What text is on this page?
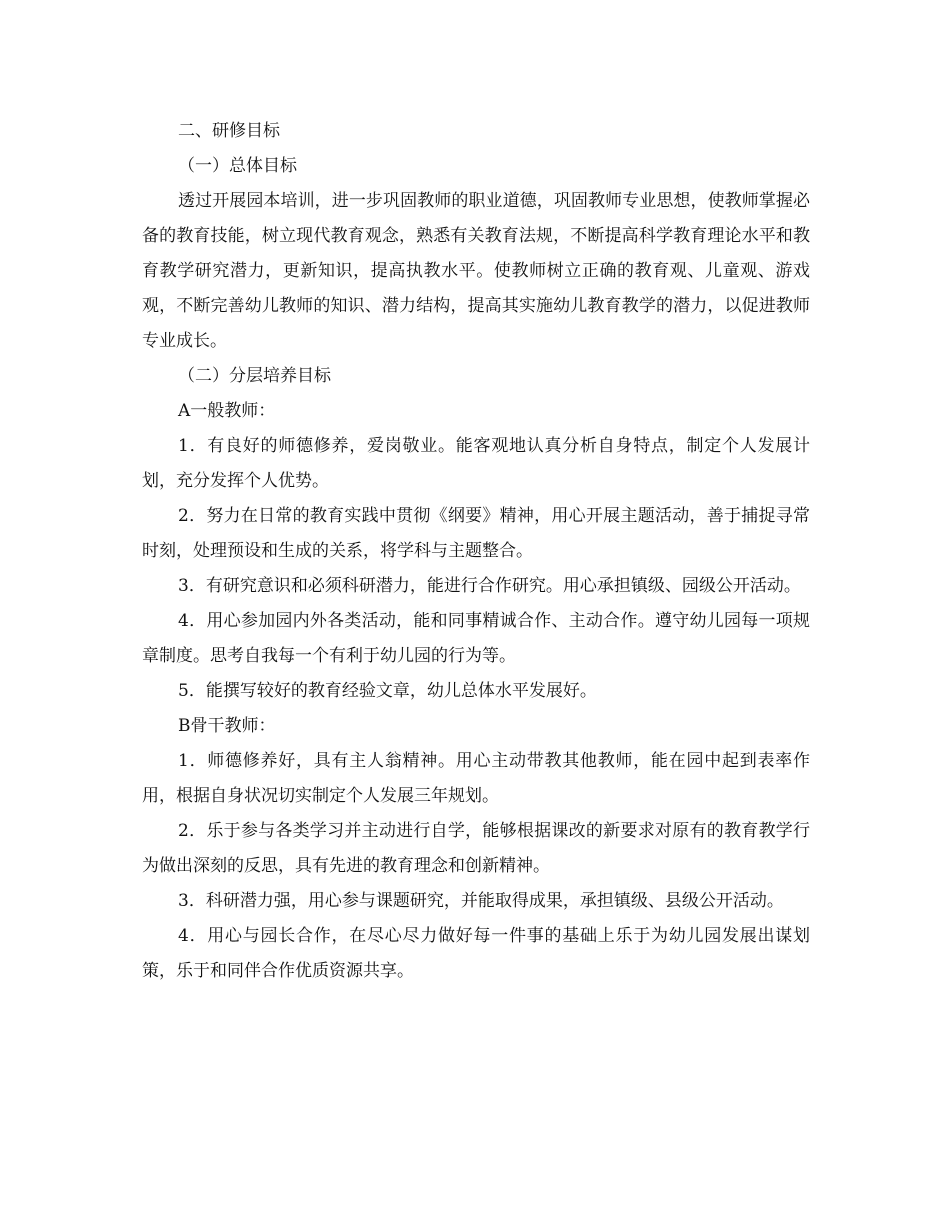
二、研修目标

（一）总体目标

透过开展园本培训，进一步巩固教师的职业道德，巩固教师专业思想，使教师掌握必备的教育技能，树立现代教育观念，熟悉有关教育法规，不断提高科学教育理论水平和教育教学研究潜力，更新知识，提高执教水平。使教师树立正确的教育观、儿童观、游戏观，不断完善幼儿教师的知识、潜力结构，提高其实施幼儿教育教学的潜力，以促进教师专业成长。

（二）分层培养目标

A一般教师：

1．有良好的师德修养，爱岗敬业。能客观地认真分析自身特点，制定个人发展计划，充分发挥个人优势。

2．努力在日常的教育实践中贯彻《纲要》精神，用心开展主题活动，善于捕捉寻常时刻，处理预设和生成的关系，将学科与主题整合。

3．有研究意识和必须科研潜力，能进行合作研究。用心承担镇级、园级公开活动。

4．用心参加园内外各类活动，能和同事精诚合作、主动合作。遵守幼儿园每一项规章制度。思考自我每一个有利于幼儿园的行为等。

5．能撰写较好的教育经验文章，幼儿总体水平发展好。

B骨干教师：

1．师德修养好，具有主人翁精神。用心主动带教其他教师，能在园中起到表率作用，根据自身状况切实制定个人发展三年规划。

2．乐于参与各类学习并主动进行自学，能够根据课改的新要求对原有的教育教学行为做出深刻的反思，具有先进的教育理念和创新精神。

3．科研潜力强，用心参与课题研究，并能取得成果，承担镇级、县级公开活动。

4．用心与园长合作，在尽心尽力做好每一件事的基础上乐于为幼儿园发展出谋划策，乐于和同伴合作优质资源共享。
